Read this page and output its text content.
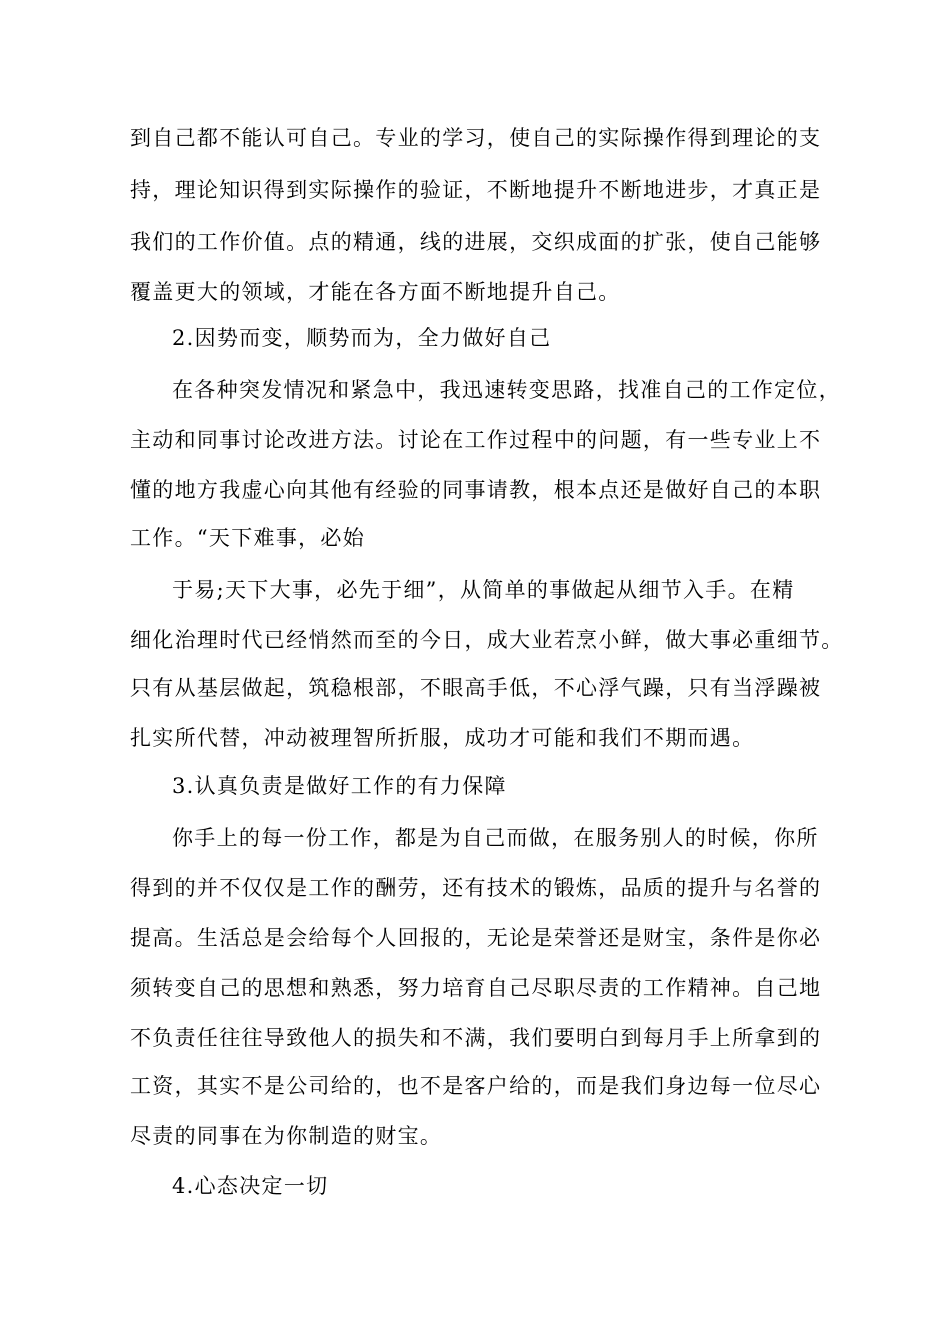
到自己都不能认可自己。专业的学习，使自己的实际操作得到理论的支
持，理论知识得到实际操作的验证，不断地提升不断地进步，才真正是
我们的工作价值。点的精通，线的进展，交织成面的扩张，使自己能够
覆盖更大的领域，才能在各方面不断地提升自己。
2.因势而变，顺势而为，全力做好自己
在各种突发情况和紧急中，我迅速转变思路，找准自己的工作定位，
主动和同事讨论改进方法。讨论在工作过程中的问题，有一些专业上不
懂的地方我虚心向其他有经验的同事请教，根本点还是做好自己的本职
工作。“天下难事，必始
于易;天下大事，必先于细”，从简单的事做起从细节入手。在精
细化治理时代已经悄然而至的今日，成大业若烹小鲜，做大事必重细节。
只有从基层做起，筑稳根部，不眼高手低，不心浮气躁，只有当浮躁被
扎实所代替，冲动被理智所折服，成功才可能和我们不期而遇。
3.认真负责是做好工作的有力保障
你手上的每一份工作，都是为自己而做，在服务别人的时候，你所
得到的并不仅仅是工作的酬劳，还有技术的锻炼，品质的提升与名誉的
提高。生活总是会给每个人回报的，无论是荣誉还是财宝，条件是你必
须转变自己的思想和熟悉，努力培育自己尽职尽责的工作精神。自己地
不负责任往往导致他人的损失和不满，我们要明白到每月手上所拿到的
工资，其实不是公司给的，也不是客户给的，而是我们身边每一位尽心
尽责的同事在为你制造的财宝。
4.心态决定一切
